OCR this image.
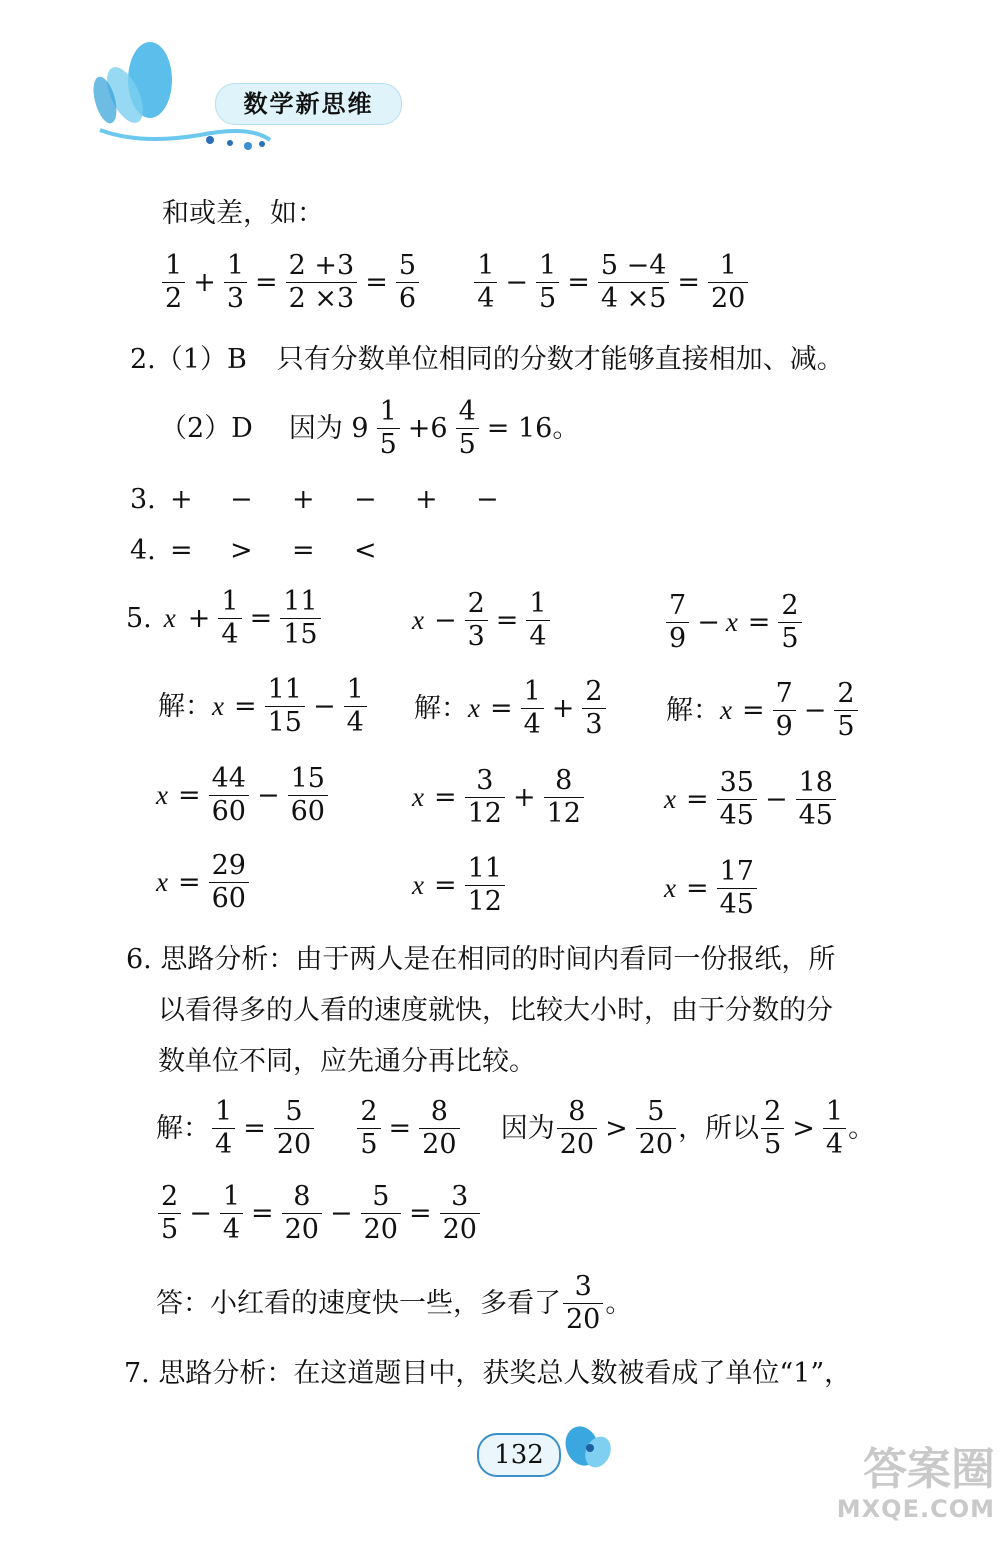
数学新思维
和或差，如：
$\frac{1}{2} + \frac{1}{3} = \frac{2 +3}{2 \times 3} = \frac{5}{6}$
$\frac{1}{4} - \frac{1}{5} = \frac{5 -4}{4 \times 5} = \frac{1}{20}$
2.（1）B 只有分数单位相同的分数才能够直接相加、减。
（2）D 因为 $9 \frac{1}{5} +6 \frac{4}{5} = 16$。
3. + − + − + −
4. = > = <
5. $x + \frac{1}{4} = \frac{11}{15}$
解：$x = \frac{11}{15} - \frac{1}{4}$
$x = \frac{44}{60} - \frac{15}{60}$
$x = \frac{29}{60}$
$x - \frac{2}{3} = \frac{1}{4}$
解：$x = \frac{1}{4} + \frac{2}{3}$
$x = \frac{3}{12} + \frac{8}{12}$
$x = \frac{11}{12}$
$\frac{7}{9} - x = \frac{2}{5}$
解：$x = \frac{7}{9} - \frac{2}{5}$
$x = \frac{35}{45} - \frac{18}{45}$
$x = \frac{17}{45}$
6. 思路分析：由于两人是在相同的时间内看同一份报纸，所
以看得多的人看的速度就快，比较大小时，由于分数的分
数单位不同，应先通分再比较。
解： $\frac{1}{4} = \frac{5}{20}$
$\frac{2}{5} = \frac{8}{20}$ 因为 $\frac{8}{20} > \frac{5}{20}$ ，所以 $\frac{2}{5} > \frac{1}{4}$ 。
$\frac{2}{5} - \frac{1}{4} = \frac{8}{20} - \frac{5}{20} = \frac{3}{20}$
答：小红看的速度快一些，多看了 $\frac{3}{20}$ 。
7. 思路分析：在这道题目中，获奖总人数被看成了单位“1”，
132	答案圈
MXQE.COM
